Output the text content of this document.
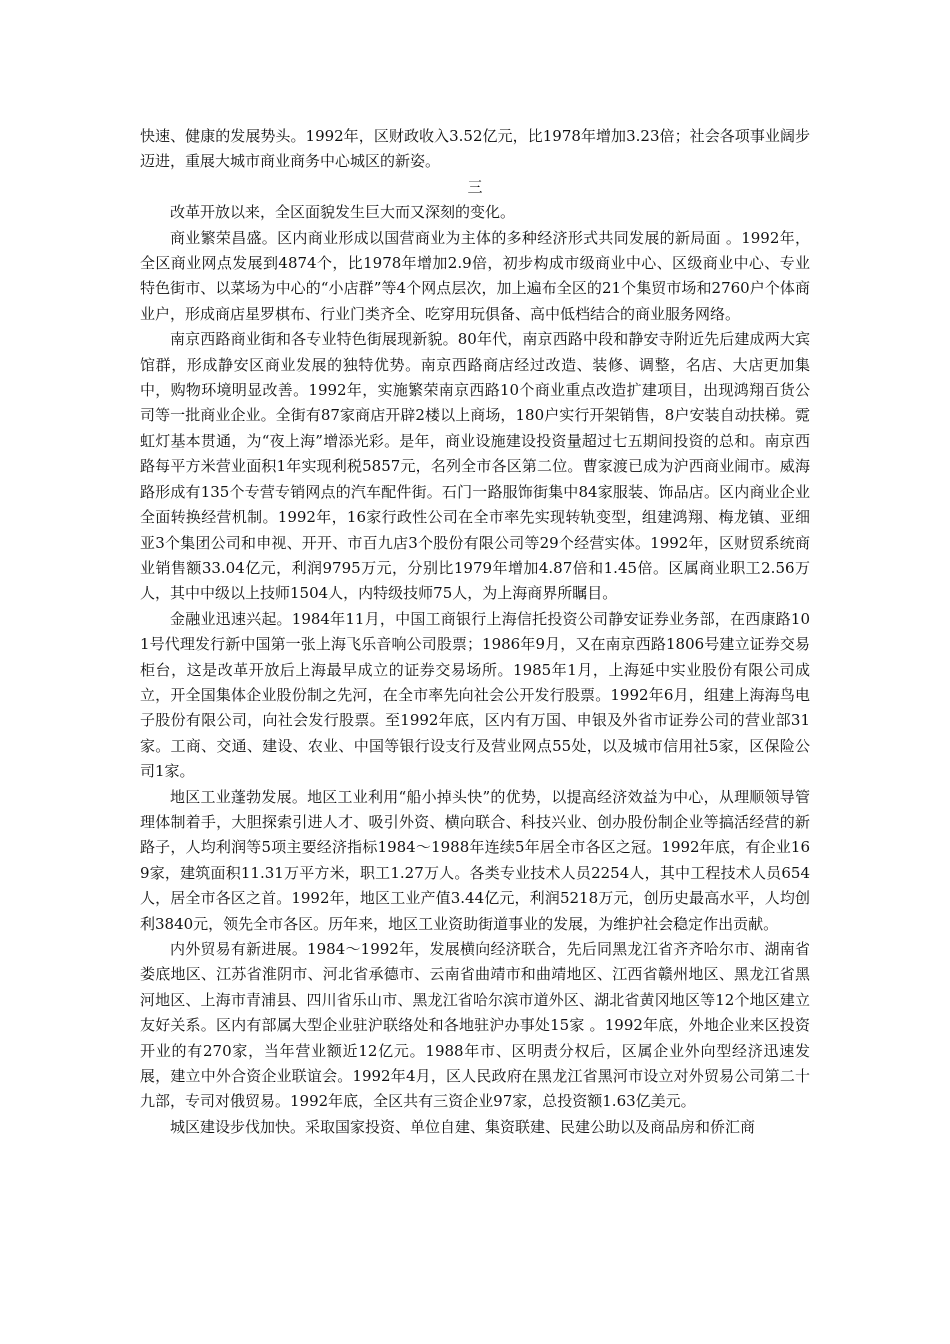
快速、健康的发展势头。1992年，区财政收入3.52亿元，比1978年增加3.23倍；社会各项事业阔步迈进，重展大城市商业商务中心城区的新姿。

三

改革开放以来，全区面貌发生巨大而又深刻的变化。

商业繁荣昌盛。区内商业形成以国营商业为主体的多种经济形式共同发展的新局面 。1992年，全区商业网点发展到4874个，比1978年增加2.9倍，初步构成市级商业中心、区级商业中心、专业特色街市、以菜场为中心的“小店群”等4个网点层次，加上遍布全区的21个集贸市场和2760户个体商业户，形成商店星罗棋布、行业门类齐全、吃穿用玩俱备、高中低档结合的商业服务网络。

南京西路商业街和各专业特色街展现新貌。80年代，南京西路中段和静安寺附近先后建成两大宾馆群，形成静安区商业发展的独特优势。南京西路商店经过改造、装修、调整，名店、大店更加集中，购物环境明显改善。1992年，实施繁荣南京西路10个商业重点改造扩建项目，出现鸿翔百货公司等一批商业企业。全街有87家商店开辟2楼以上商场，180户实行开架销售，8户安装自动扶梯。霓虹灯基本贯通，为“夜上海”增添光彩。是年，商业设施建设投资量超过七五期间投资的总和。南京西路每平方米营业面积1年实现利税5857元，名列全市各区第二位。曹家渡已成为沪西商业闹市。威海路形成有135个专营专销网点的汽车配件街。石门一路服饰街集中84家服装、饰品店。区内商业企业全面转换经营机制。1992年，16家行政性公司在全市率先实现转轨变型，组建鸿翔、梅龙镇、亚细亚3个集团公司和申视、开开、市百九店3个股份有限公司等29个经营实体。1992年，区财贸系统商业销售额33.04亿元，利润9795万元，分别比1979年增加4.87倍和1.45倍。区属商业职工2.56万人，其中中级以上技师1504人，内特级技师75人，为上海商界所瞩目。

金融业迅速兴起。1984年11月，中国工商银行上海信托投资公司静安证券业务部，在西康路101号代理发行新中国第一张上海飞乐音响公司股票；1986年9月，又在南京西路1806号建立证券交易柜台，这是改革开放后上海最早成立的证券交易场所。1985年1月，上海延中实业股份有限公司成立，开全国集体企业股份制之先河，在全市率先向社会公开发行股票。1992年6月，组建上海海鸟电子股份有限公司，向社会发行股票。至1992年底，区内有万国、申银及外省市证券公司的营业部31家。工商、交通、建设、农业、中国等银行设支行及营业网点55处，以及城市信用社5家，区保险公司1家。

地区工业蓬勃发展。地区工业利用“船小掉头快”的优势，以提高经济效益为中心，从理顺领导管理体制着手，大胆探索引进人才、吸引外资、横向联合、科技兴业、创办股份制企业等搞活经营的新路子，人均利润等5项主要经济指标1984～1988年连续5年居全市各区之冠。1992年底，有企业169家，建筑面积11.31万平方米，职工1.27万人。各类专业技术人员2254人，其中工程技术人员654人，居全市各区之首。1992年，地区工业产值3.44亿元，利润5218万元，创历史最高水平，人均创利3840元，领先全市各区。历年来，地区工业资助街道事业的发展，为维护社会稳定作出贡献。

内外贸易有新进展。1984～1992年，发展横向经济联合，先后同黑龙江省齐齐哈尔市、湖南省娄底地区、江苏省淮阴市、河北省承德市、云南省曲靖市和曲靖地区、江西省赣州地区、黑龙江省黑河地区、上海市青浦县、四川省乐山市、黑龙江省哈尔滨市道外区、湖北省黄冈地区等12个地区建立友好关系。区内有部属大型企业驻沪联络处和各地驻沪办事处15家 。1992年底，外地企业来区投资开业的有270家，当年营业额近12亿元。1988年市、区明责分权后，区属企业外向型经济迅速发展，建立中外合资企业联谊会。1992年4月，区人民政府在黑龙江省黑河市设立对外贸易公司第二十九部，专司对俄贸易。1992年底，全区共有三资企业97家，总投资额1.63亿美元。

城区建设步伐加快。采取国家投资、单位自建、集资联建、民建公助以及商品房和侨汇商
